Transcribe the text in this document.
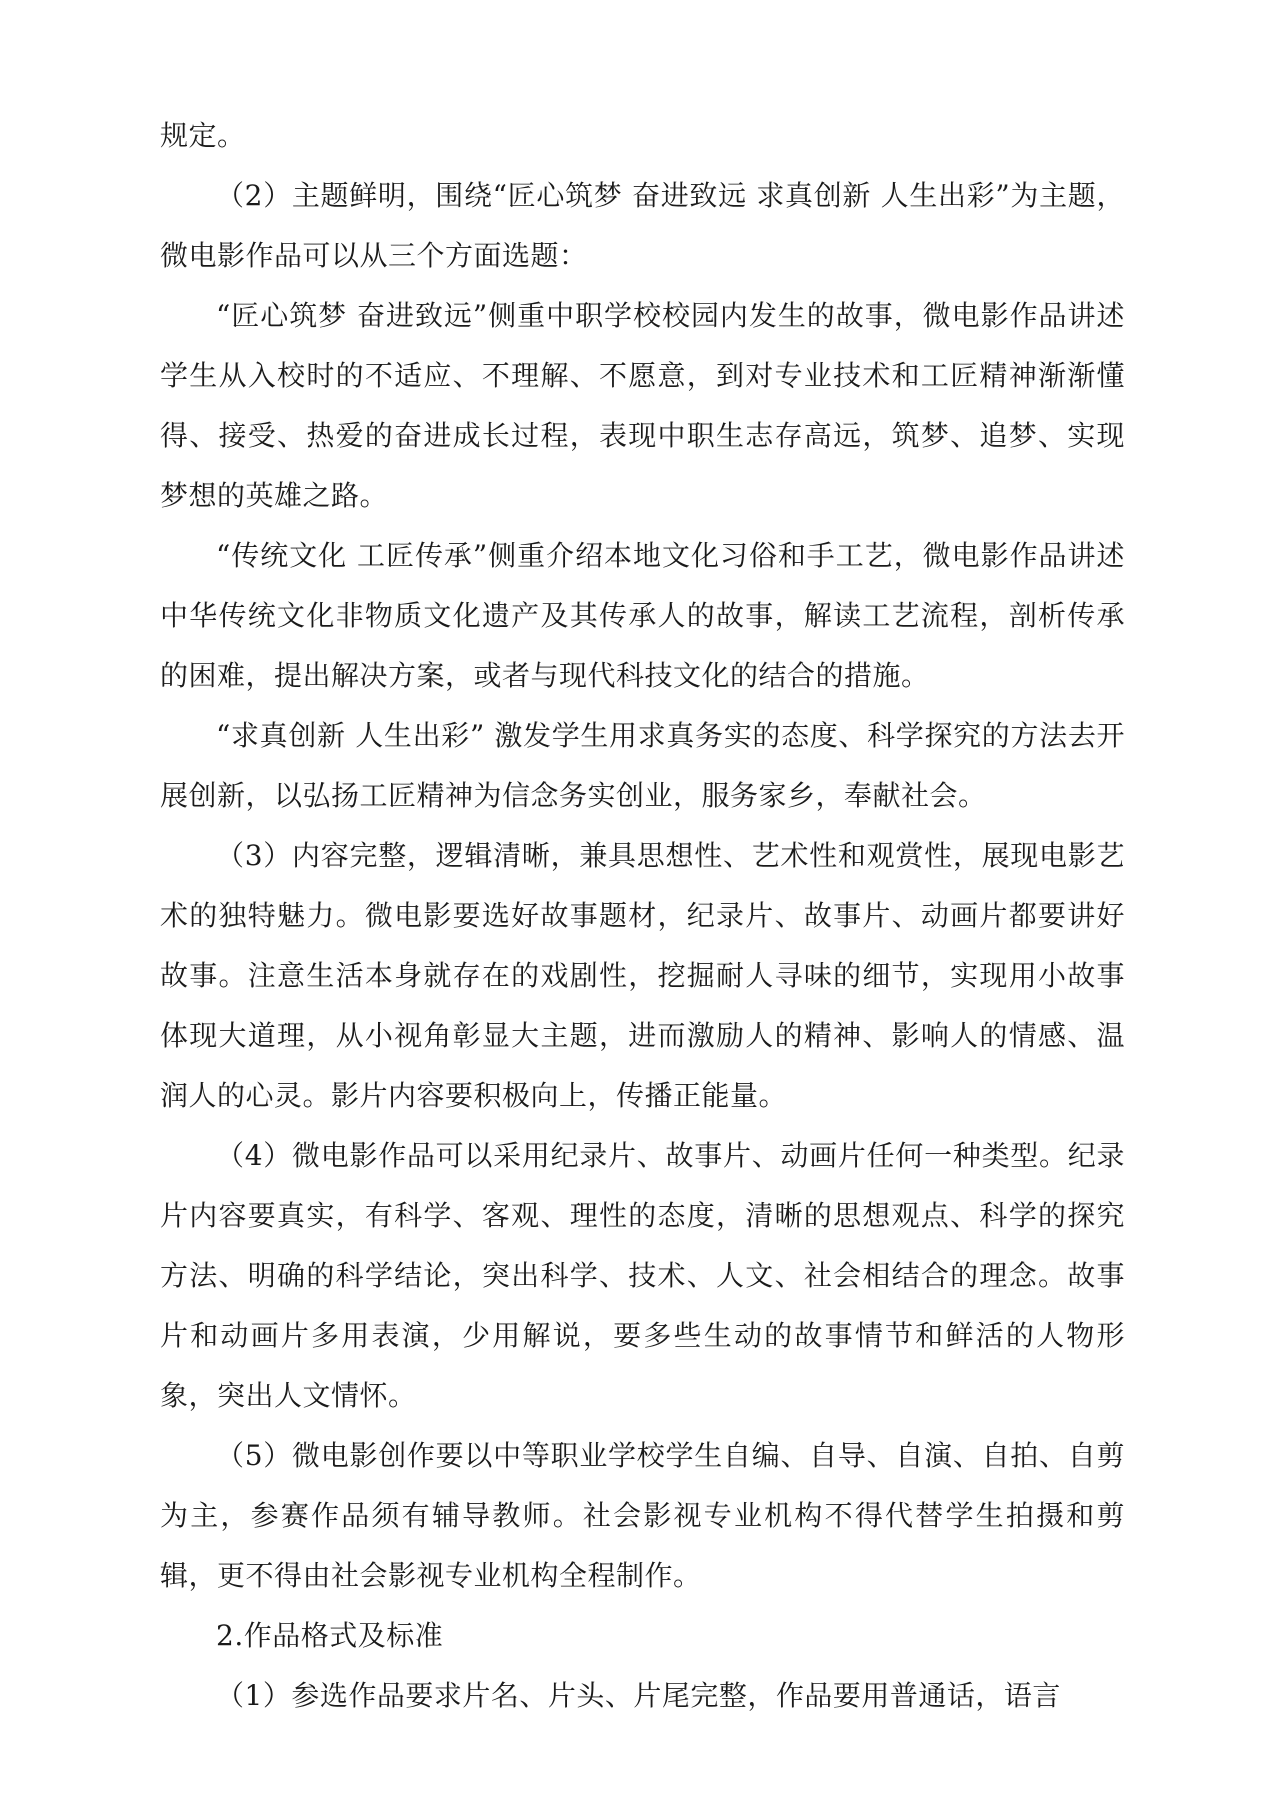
规定。

（2）主题鲜明，围绕“匠心筑梦 奋进致远 求真创新 人生出彩”为主题，微电影作品可以从三个方面选题：

“匠心筑梦 奋进致远”侧重中职学校校园内发生的故事，微电影作品讲述学生从入校时的不适应、不理解、不愿意，到对专业技术和工匠精神渐渐懂得、接受、热爱的奋进成长过程，表现中职生志存高远，筑梦、追梦、实现梦想的英雄之路。

“传统文化 工匠传承”侧重介绍本地文化习俗和手工艺，微电影作品讲述中华传统文化非物质文化遗产及其传承人的故事，解读工艺流程，剖析传承的困难，提出解决方案，或者与现代科技文化的结合的措施。

“求真创新 人生出彩” 激发学生用求真务实的态度、科学探究的方法去开展创新，以弘扬工匠精神为信念务实创业，服务家乡，奉献社会。

（3）内容完整，逻辑清晰，兼具思想性、艺术性和观赏性，展现电影艺术的独特魅力。微电影要选好故事题材，纪录片、故事片、动画片都要讲好故事。注意生活本身就存在的戏剧性，挖掘耐人寻味的细节，实现用小故事体现大道理，从小视角彰显大主题，进而激励人的精神、影响人的情感、温润人的心灵。影片内容要积极向上，传播正能量。

（4）微电影作品可以采用纪录片、故事片、动画片任何一种类型。纪录片内容要真实，有科学、客观、理性的态度，清晰的思想观点、科学的探究方法、明确的科学结论，突出科学、技术、人文、社会相结合的理念。故事片和动画片多用表演，少用解说，要多些生动的故事情节和鲜活的人物形象，突出人文情怀。

（5）微电影创作要以中等职业学校学生自编、自导、自演、自拍、自剪为主，参赛作品须有辅导教师。社会影视专业机构不得代替学生拍摄和剪辑，更不得由社会影视专业机构全程制作。

2.作品格式及标准

（1）参选作品要求片名、片头、片尾完整，作品要用普通话，语言
